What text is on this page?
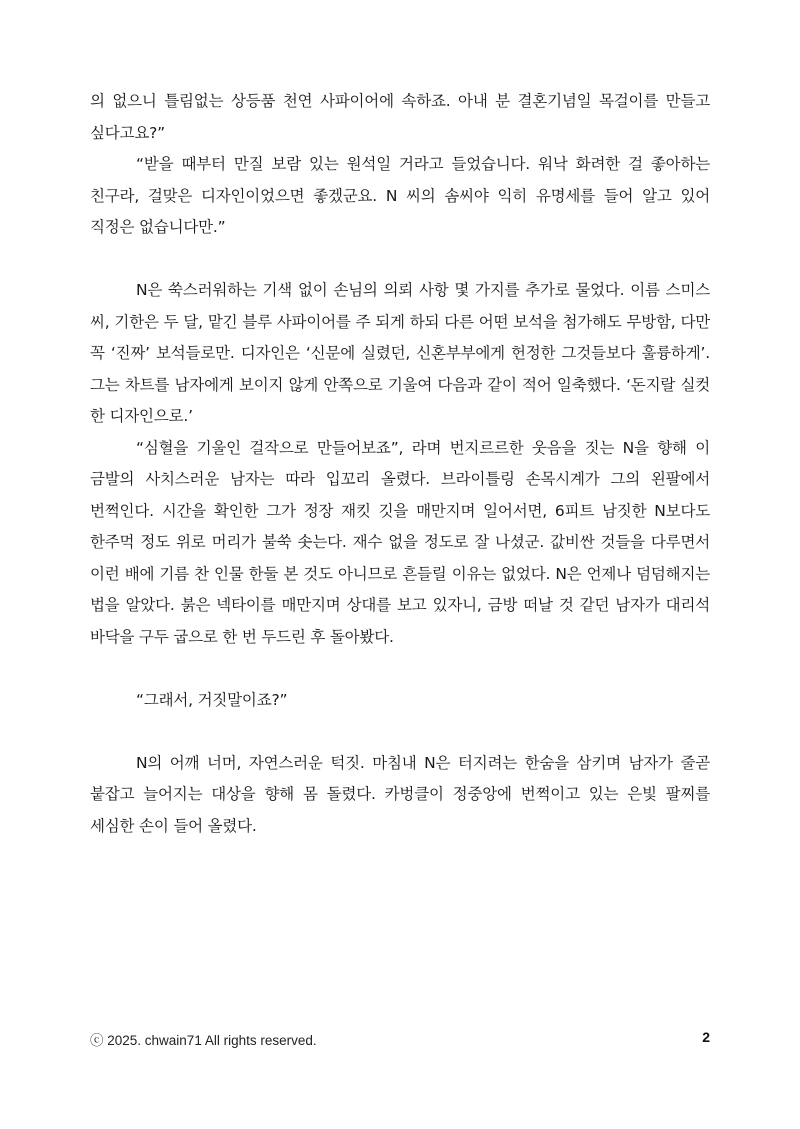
의 없으니 틀림없는 상등품 천연 사파이어에 속하죠. 아내 분 결혼기념일 목걸이를 만들고 싶다고요?”

“받을 때부터 만질 보람 있는 원석일 거라고 들었습니다. 워낙 화려한 걸 좋아하는 친구라, 걸맞은 디자인이었으면 좋겠군요. N 씨의 솜씨야 익히 유명세를 들어 알고 있어 직정은 없습니다만.”

N은 쑥스러워하는 기색 없이 손님의 의뢰 사항 몇 가지를 추가로 물었다. 이름 스미스 씨, 기한은 두 달, 맡긴 블루 사파이어를 주 되게 하되 다른 어떤 보석을 첨가해도 무방함, 다만 꼭 ‘진짜’ 보석들로만. 디자인은 ‘신문에 실렸던, 신혼부부에게 헌정한 그것들보다 훌륭하게’. 그는 차트를 남자에게 보이지 않게 안쪽으로 기울여 다음과 같이 적어 일축했다. ‘돈지랄 실컷 한 디자인으로.’

“심혈을 기울인 걸작으로 만들어보죠”, 라며 번지르르한 웃음을 짓는 N을 향해 이 금발의 사치스러운 남자는 따라 입꼬리 올렸다. 브라이틀링 손목시계가 그의 왼팔에서 번쩍인다. 시간을 확인한 그가 정장 재킷 깃을 매만지며 일어서면, 6피트 남짓한 N보다도 한주먹 정도 위로 머리가 불쑥 솟는다. 재수 없을 정도로 잘 나셨군. 값비싼 것들을 다루면서 이런 배에 기름 찬 인물 한둘 본 것도 아니므로 흔들릴 이유는 없었다. N은 언제나 덤덤해지는 법을 알았다. 붉은 넥타이를 매만지며 상대를 보고 있자니, 금방 떠날 것 같던 남자가 대리석 바닥을 구두 굽으로 한 번 두드린 후 돌아봤다.

“그래서, 거짓말이죠?”

N의 어깨 너머, 자연스러운 턱짓. 마침내 N은 터지려는 한숨을 삼키며 남자가 줄곧 붙잡고 늘어지는 대상을 향해 몸 돌렸다. 카벙클이 정중앙에 번쩍이고 있는 은빛 팔찌를 세심한 손이 들어 올렸다.

ⓒ 2025. chwain71 All rights reserved.	2
